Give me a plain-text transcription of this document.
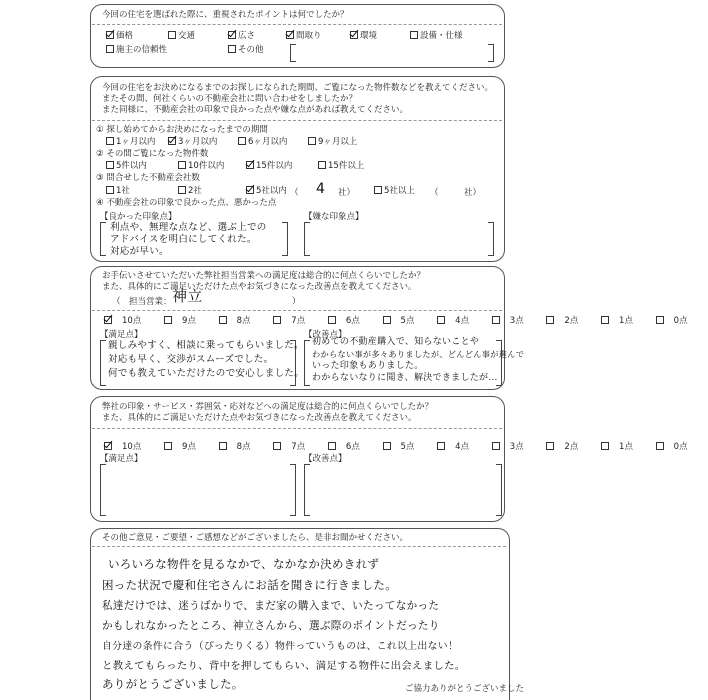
今回の住宅を選ばれた際に、重視されたポイントは何でしたか？
価格	交通	広さ	間取り	環境	設備・仕様
施主の信頼性	その他
今回の住宅をお決めになるまでのお探しになられた期間、ご覧になった物件数などを教えてください。
またその間、何社くらいの不動産会社に問い合わせをしましたか？
また同様に、不動産会社の印象で良かった点や嫌な点があれば教えてください。
① 探し始めてからお決めになったまでの期間
1ヶ月以内	3ヶ月以内	6ヶ月以内	9ヶ月以上
② その間ご覧になった物件数
5件以内	10件以内	15件以内	15件以上
③ 問合せした不動産会社数
1社	2社	5社以内 （ 4 社）	5社以上 （　　　社）
④ 不動産会社の印象で良かった点、悪かった点
【良かった印象点】	【嫌な印象点】
利点や、無理な点など、選ぶ上での
アドバイスを明白にしてくれた。
対応が早い。
お手伝いさせていただいた弊社担当営業への満足度は総合的に何点くらいでしたか？
また、具体的にご満足いただけた点やお気づきになった改善点を教えてください。
（　担当営業： 神立	）
10点	9点	8点	7点	6点	5点	4点	3点	2点	1点	0点
【満足点】	【改善点】
親しみやすく、相談に乗ってもらいました。
対応も早く、交渉がスムーズでした。
何でも教えていただけたので安心しました。
初めての不動産購入で、知らないことや
わからない事が多々ありましたが、どんどん事が進んで
いった印象もありました。
わからないなりに聞き、解決できましたが…
弊社の印象・サービス・雰囲気・応対などへの満足度は総合的に何点くらいでしたか？
また、具体的にご満足いただけた点やお気づきになった改善点を教えてください。
10点	9点	8点	7点	6点	5点	4点	3点	2点	1点	0点
【満足点】	【改善点】
その他ご意見・ご要望・ご感想などがございましたら、是非お聞かせください。
いろいろな物件を見るなかで、なかなか決めきれず
困った状況で慶和住宅さんにお話を聞きに行きました。
私達だけでは、迷うばかりで、まだ家の購入まで、いたってなかった
かもしれなかったところ、神立さんから、選ぶ際のポイントだったり
自分達の条件に合う（ぴったりくる）物件っていうものは、これ以上出ない！
と教えてもらったり、背中を押してもらい、満足する物件に出会えました。
ありがとうございました。	ご協力ありがとうございました
